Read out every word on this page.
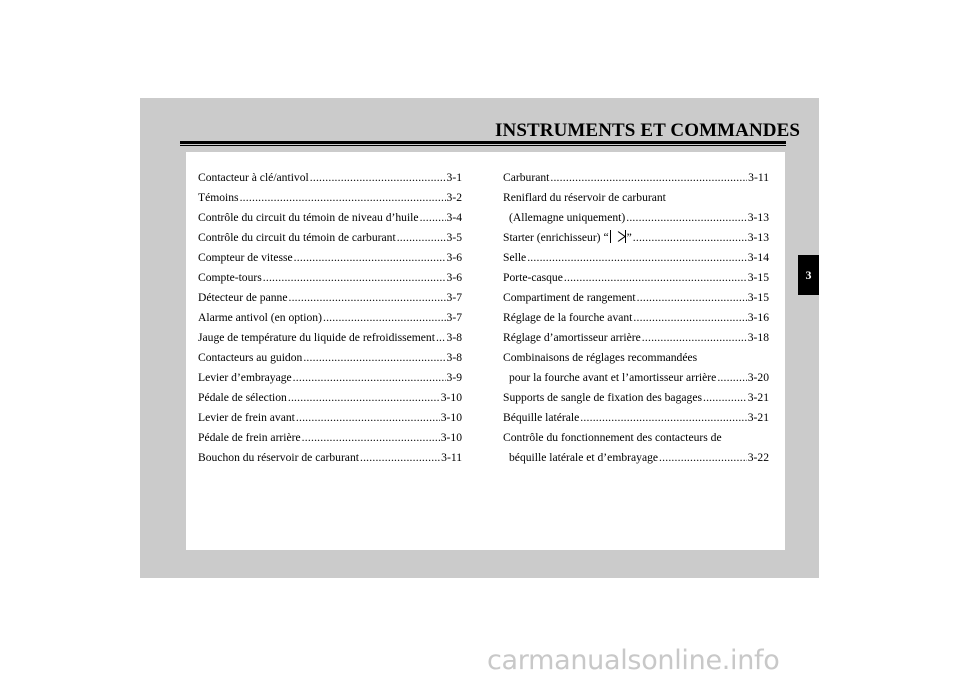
INSTRUMENTS ET COMMANDES
Contacteur à clé/antivol .....	3-1
Témoins .....	3-2
Contrôle du circuit du témoin de niveau d’huile ..... 3-4
Contrôle du circuit du témoin de carburant .....	3-5
Compteur de vitesse .....	3-6
Compte-tours .....	3-6
Détecteur de panne .....	3-7
Alarme antivol (en option) .....	3-7
Jauge de température du liquide de refroidissement ..... 3-8
Contacteurs au guidon .....	3-8
Levier d’embrayage .....	3-9
Pédale de sélection .....	3-10
Levier de frein avant .....	3-10
Pédale de frein arrière .....	3-10
Bouchon du réservoir de carburant .....	3-11
Carburant .....	3-11
Reniflard du réservoir de carburant
(Allemagne uniquement) .....	3-13
Starter (enrichisseur) “ ” .....	3-13
Selle .....	3-14
Porte-casque .....	3-15
Compartiment de rangement .....	3-15
Réglage de la fourche avant .....	3-16
Réglage d’amortisseur arrière .....	3-18
Combinaisons de réglages recommandées
pour la fourche avant et l’amortisseur arrière .....	3-20
Supports de sangle de fixation des bagages .....	3-21
Béquille latérale .....	3-21
Contrôle du fonctionnement des contacteurs de
béquille latérale et d’embrayage .....	3-22
3
carmanualsonline.info
